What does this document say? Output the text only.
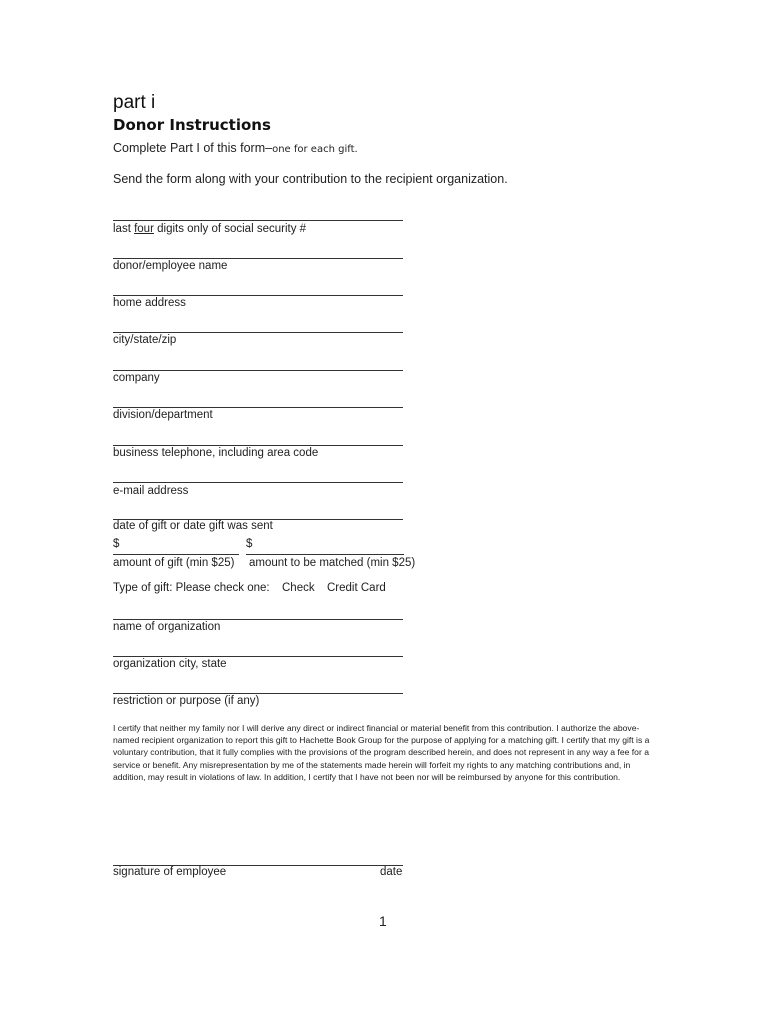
part i
Donor Instructions
Complete Part I of this form–one for each gift.
Send the form along with your contribution to the recipient organization.
last four digits only of social security #
donor/employee name
home address
city/state/zip
company
division/department
business telephone, including area code
e-mail address
date of gift or date gift was sent
$	$
amount of gift (min $25) amount to be matched (min $25)
Type of gift: Please check one: Check Credit Card
name of organization
organization city, state
restriction or purpose (if any)
I certify that neither my family nor I will derive any direct or indirect financial or material benefit from this contribution. I authorize the above-named recipient organization to report this gift to Hachette Book Group for the purpose of applying for a matching gift. I certify that my gift is a voluntary contribution, that it fully complies with the provisions of the program described herein, and does not represent in any way a fee for a service or benefit. Any misrepresentation by me of the statements made herein will forfeit my rights to any matching contributions and, in addition, may result in violations of law. In addition, I certify that I have not been nor will be reimbursed by anyone for this contribution.
signature of employee	date
1
